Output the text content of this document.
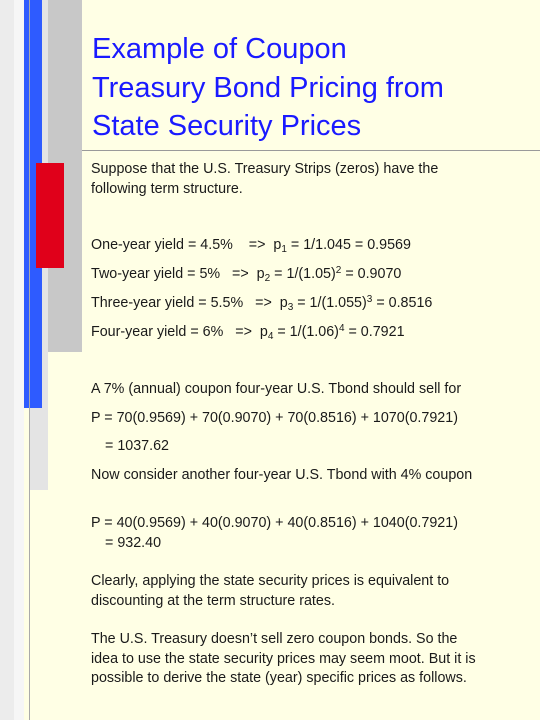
Example of Coupon
Treasury Bond Pricing from
State Security Prices
Suppose that the U.S. Treasury Strips (zeros) have the
following term structure.
One-year yield = 4.5%    =>  $p_1 = 1/1.045 = 0.9569$
Two-year yield = $5\% => p_2 = 1/(1.05)^2 = 0.9070$
Three-year yield = $5.5\% => p_3 = 1/(1.055)^3 = 0.8516$
Four-year yield = $6\% => p_4 = 1/(1.06)^4 = 0.7921$
A 7% (annual) coupon four-year U.S. Tbond should sell for
P = 70(0.9569) + 70(0.9070) + 70(0.8516) + 1070(0.7921)
= 1037.62
Now consider another four-year U.S. Tbond with 4% coupon
P = 40(0.9569) + 40(0.9070) + 40(0.8516) + 1040(0.7921)
= 932.40
Clearly, applying the state security prices is equivalent to
discounting at the term structure rates.
The U.S. Treasury doesn’t sell zero coupon bonds. So the
idea to use the state security prices may seem moot. But it is
possible to derive the state (year) specific prices as follows.
